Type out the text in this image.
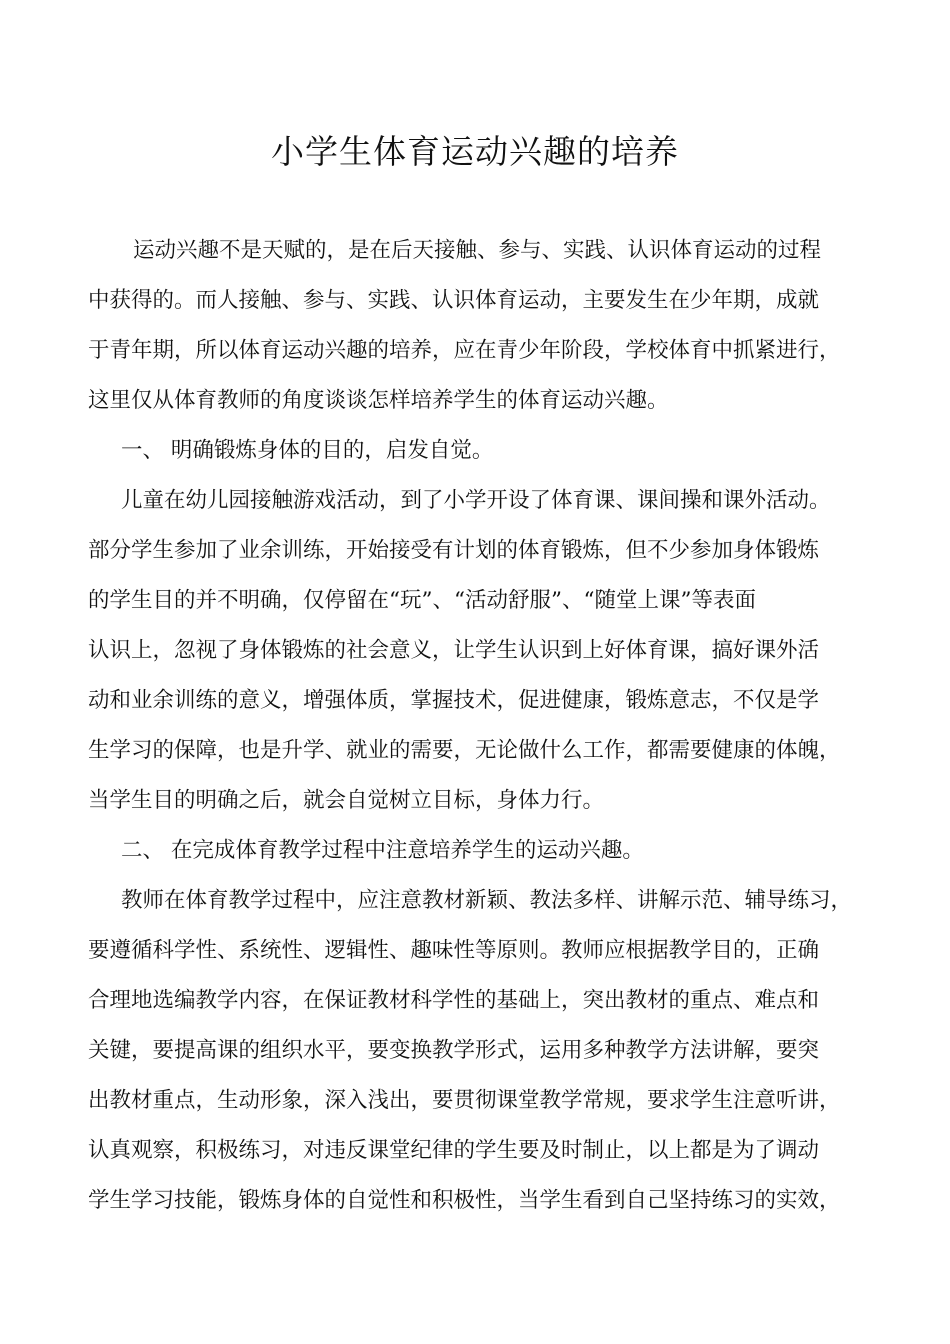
小学生体育运动兴趣的培养
运动兴趣不是天赋的，是在后天接触、参与、实践、认识体育运动的过程
中获得的。而人接触、参与、实践、认识体育运动，主要发生在少年期，成就
于青年期，所以体育运动兴趣的培养，应在青少年阶段，学校体育中抓紧进行，
这里仅从体育教师的角度谈谈怎样培养学生的体育运动兴趣。
一、 明确锻炼身体的目的，启发自觉。
儿童在幼儿园接触游戏活动，到了小学开设了体育课、课间操和课外活动。
部分学生参加了业余训练，开始接受有计划的体育锻炼，但不少参加身体锻炼
的学生目的并不明确，仅停留在“玩”、“活动舒服”、“随堂上课”等表面
认识上，忽视了身体锻炼的社会意义，让学生认识到上好体育课，搞好课外活
动和业余训练的意义，增强体质，掌握技术，促进健康，锻炼意志，不仅是学
生学习的保障，也是升学、就业的需要，无论做什么工作，都需要健康的体魄，
当学生目的明确之后，就会自觉树立目标，身体力行。
二、 在完成体育教学过程中注意培养学生的运动兴趣。
教师在体育教学过程中，应注意教材新颖、教法多样、讲解示范、辅导练习，
要遵循科学性、系统性、逻辑性、趣味性等原则。教师应根据教学目的，正确
合理地选编教学内容，在保证教材科学性的基础上，突出教材的重点、难点和
关键，要提高课的组织水平，要变换教学形式，运用多种教学方法讲解，要突
出教材重点，生动形象，深入浅出，要贯彻课堂教学常规，要求学生注意听讲，
认真观察，积极练习，对违反课堂纪律的学生要及时制止，以上都是为了调动
学生学习技能，锻炼身体的自觉性和积极性，当学生看到自己坚持练习的实效，
